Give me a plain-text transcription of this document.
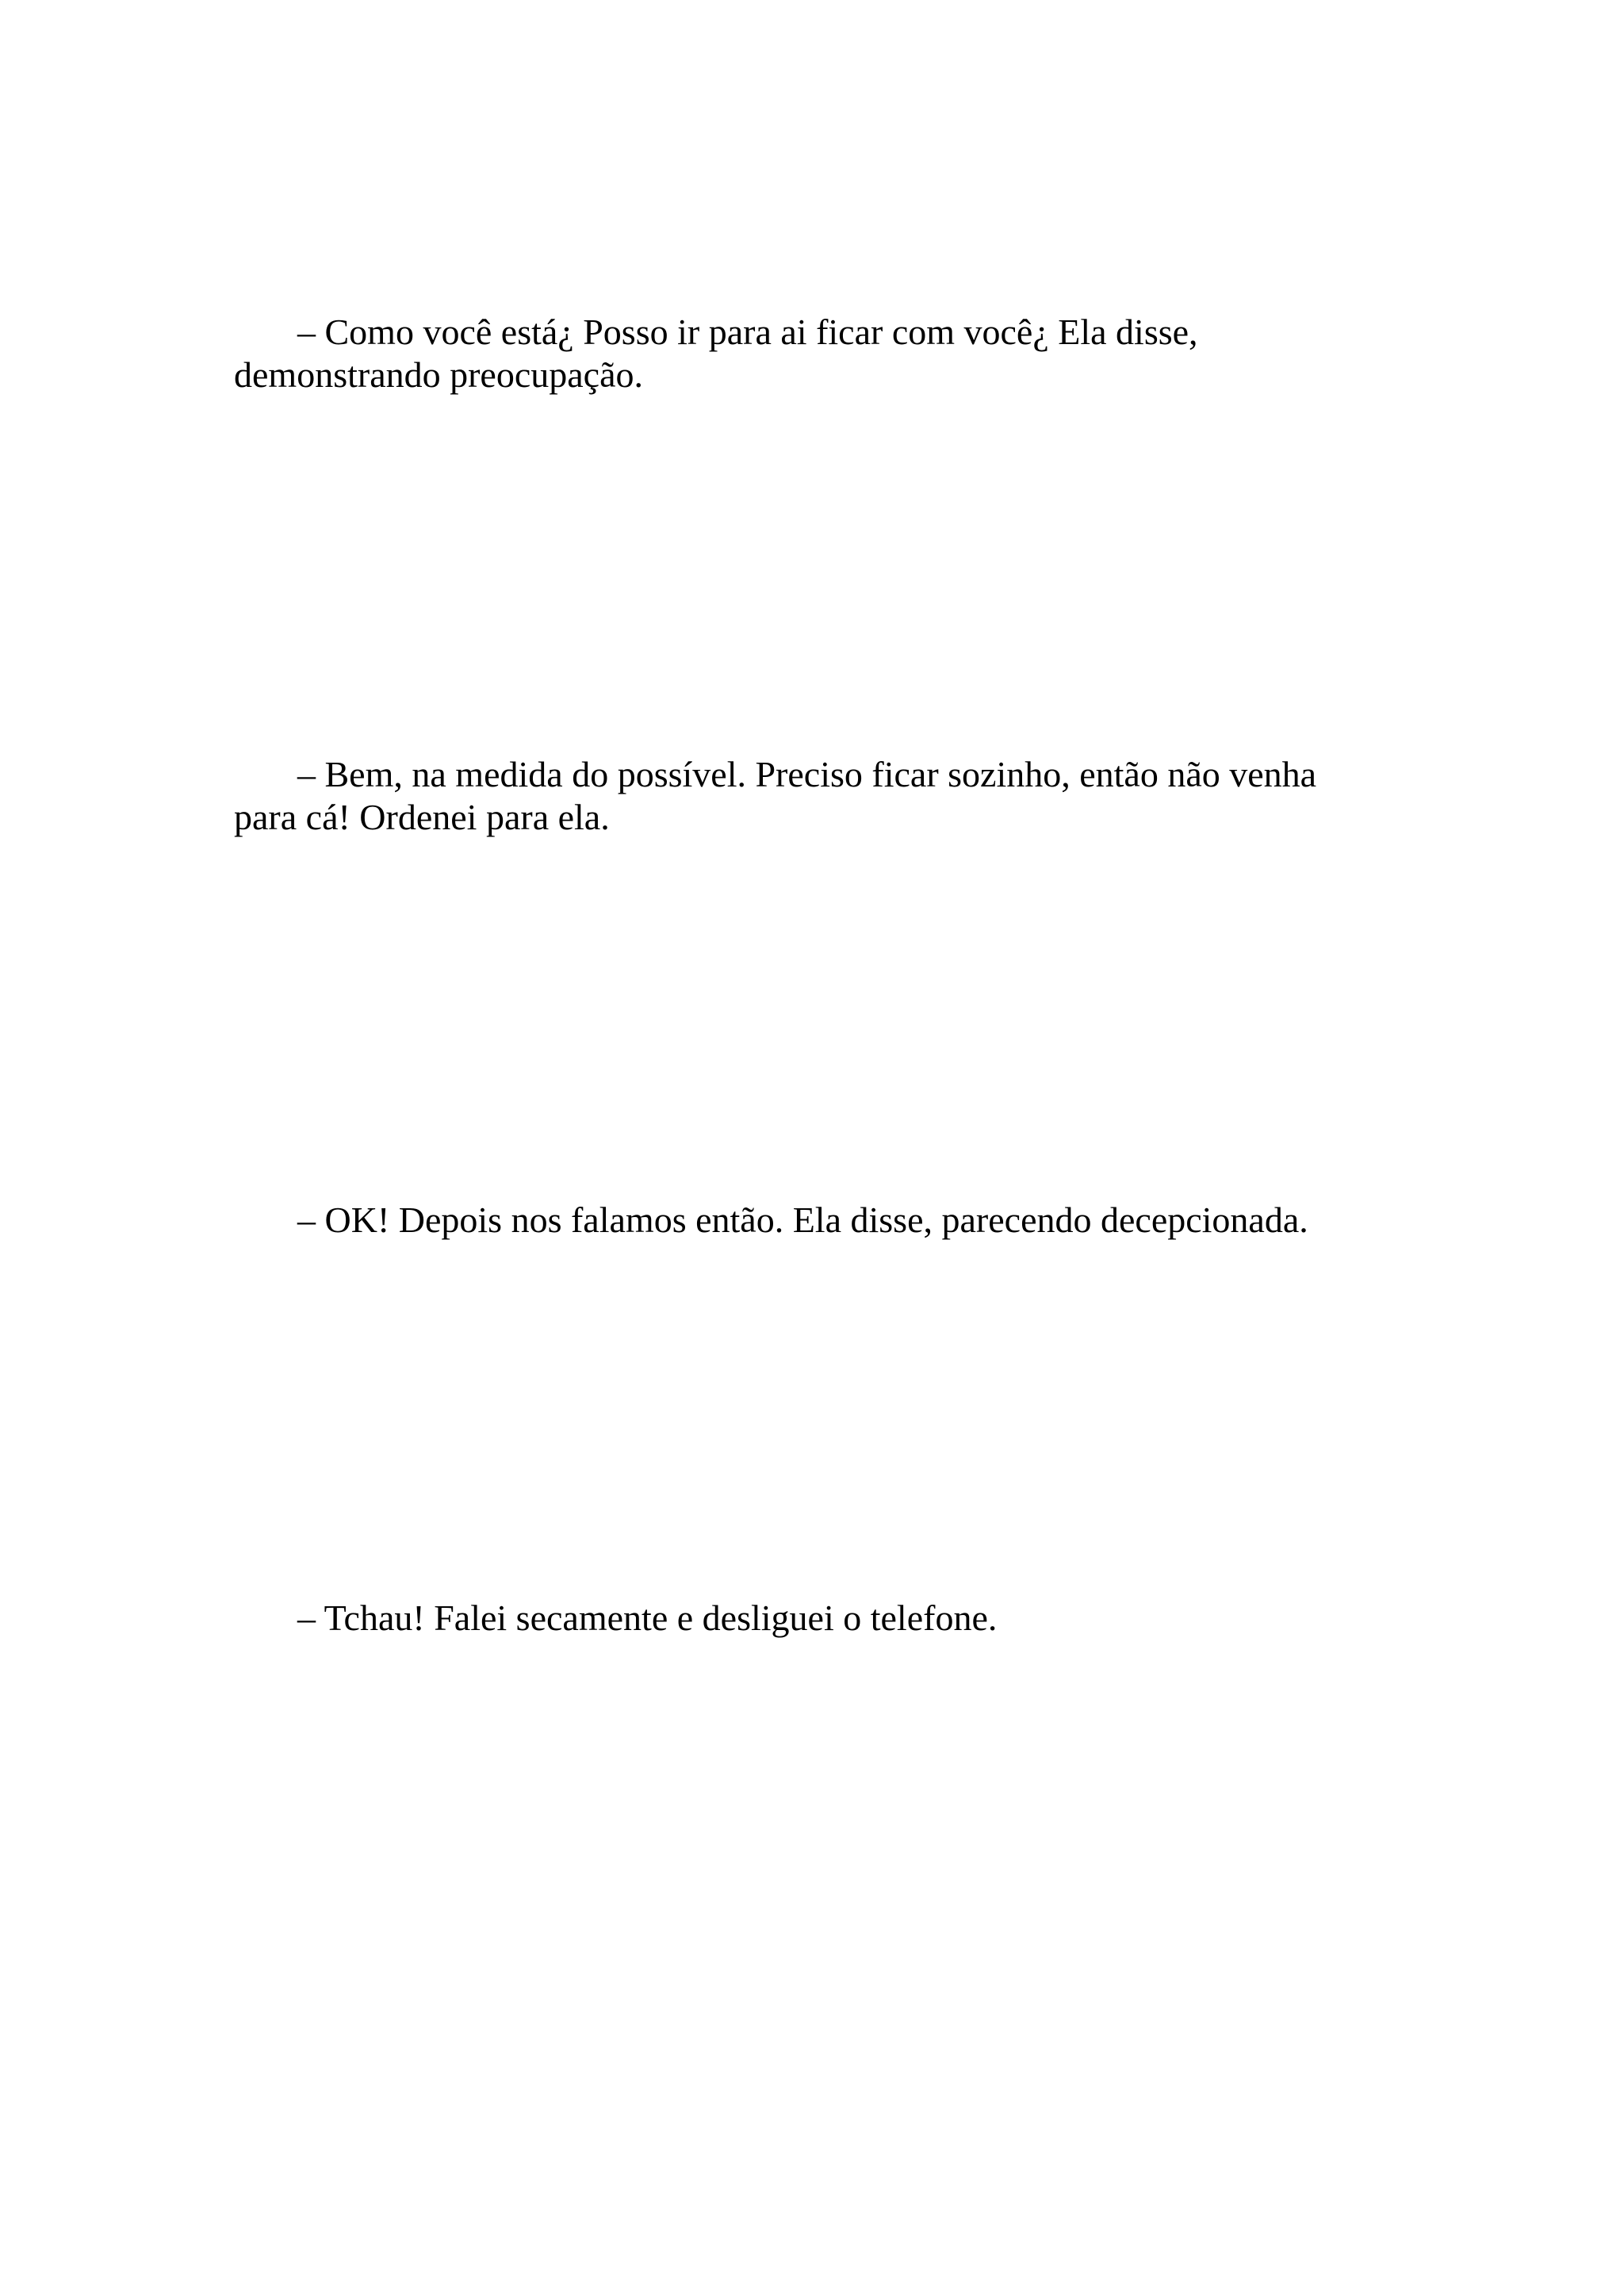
– Como você está¿ Posso ir para ai ficar com você¿ Ela disse,
demonstrando preocupação.

– Bem, na medida do possível. Preciso ficar sozinho, então não venha
para cá! Ordenei para ela.

– OK! Depois nos falamos então. Ela disse, parecendo decepcionada.

– Tchau! Falei secamente e desliguei o telefone.
